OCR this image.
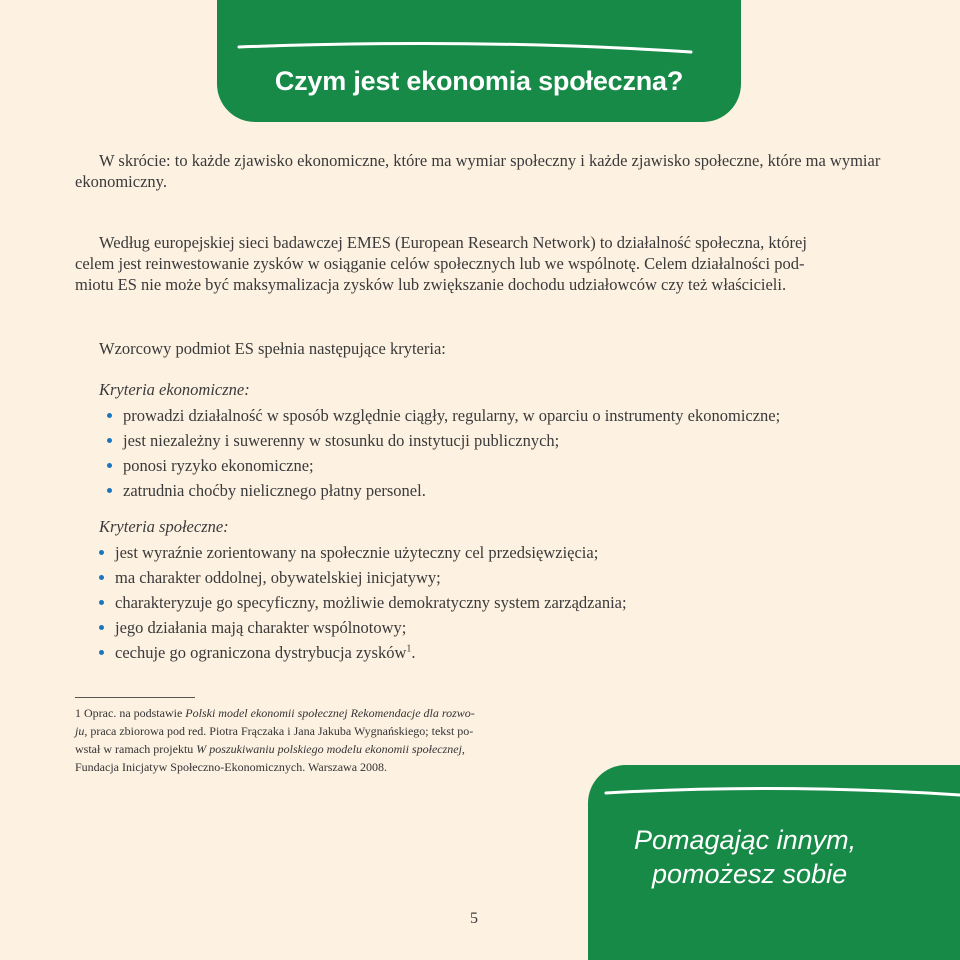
Czym jest ekonomia społeczna?

W skrócie: to każde zjawisko ekonomiczne, które ma wymiar społeczny i każde zjawisko społeczne, które ma wymiar ekonomiczny.

Według europejskiej sieci badawczej EMES (European Research Network) to działalność społeczna, której
celem jest reinwestowanie zysków w osiąganie celów społecznych lub we wspólnotę. Celem działalności pod-
miotu ES nie może być maksymalizacja zysków lub zwiększanie dochodu udziałowców czy też właścicieli.

Wzorcowy podmiot ES spełnia następujące kryteria:

Kryteria ekonomiczne:

prowadzi działalność w sposób względnie ciągły, regularny, w oparciu o instrumenty ekonomiczne;
jest niezależny i suwerenny w stosunku do instytucji publicznych;
ponosi ryzyko ekonomiczne;
zatrudnia choćby nielicznego płatny personel.

Kryteria społeczne:

jest wyraźnie zorientowany na społecznie użyteczny cel przedsięwzięcia;
ma charakter oddolnej, obywatelskiej inicjatywy;
charakteryzuje go specyficzny, możliwie demokratyczny system zarządzania;
jego działania mają charakter wspólnotowy;
cechuje go ograniczona dystrybucja zysków$^1$.

1 Oprac. na podstawie Polski model ekonomii społecznej Rekomendacje dla rozwo-
ju, praca zbiorowa pod red. Piotra Frączaka i Jana Jakuba Wygnańskiego; tekst po-
wstał w ramach projektu W poszukiwaniu polskiego modelu ekonomii społecznej,
Fundacja Inicjatyw Społeczno-Ekonomicznych. Warszawa 2008.

Pomagając innym,
pomożesz sobie
5
